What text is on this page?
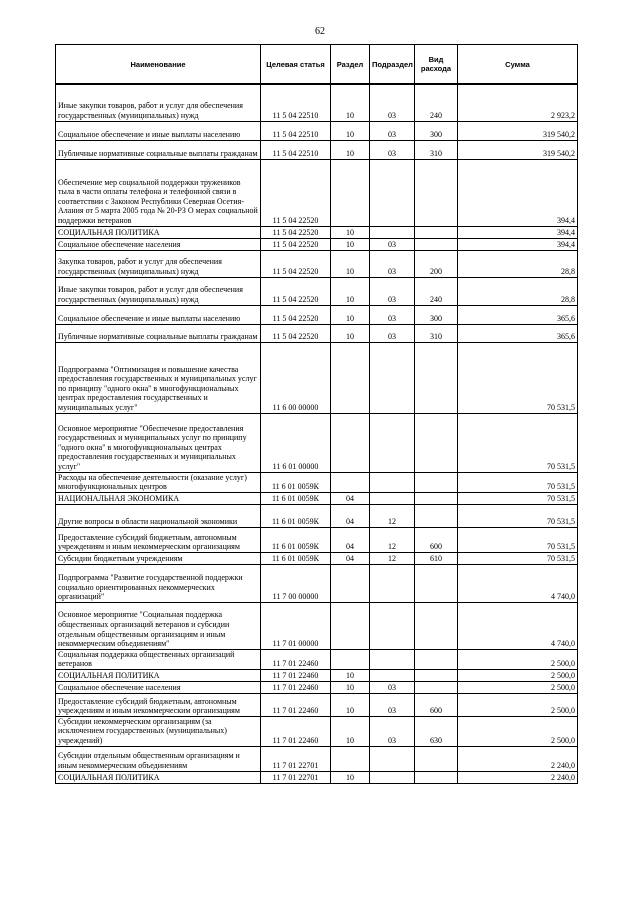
62
Наименование	Целевая статья	Раздел	Подраздел	Вид расхода	Сумма
Иные закупки товаров, работ и услуг для обеспечения государственных (муниципальных) нужд	11 5 04 22510	10	03	240	2 923,2
Социальное обеспечение и иные выплаты населению	11 5 04 22510	10	03	300	319 540,2
Публичные нормативные социальные выплаты гражданам	11 5 04 22510	10	03	310	319 540,2
Обеспечение мер социальной поддержки тружеников тыла в части оплаты телефона и телефонной связи в соответствии с Законом Республики Северная Осетия-Алания от 5 марта 2005 года № 20-РЗ О мерах социальной поддержки ветеранов	11 5 04 22520				394,4
СОЦИАЛЬНАЯ ПОЛИТИКА	11 5 04 22520	10			394,4
Социальное обеспечение населения	11 5 04 22520	10	03		394,4
Закупка товаров, работ и услуг для обеспечения государственных (муниципальных) нужд	11 5 04 22520	10	03	200	28,8
Иные закупки товаров, работ и услуг для обеспечения государственных (муниципальных) нужд	11 5 04 22520	10	03	240	28,8
Социальное обеспечение и иные выплаты населению	11 5 04 22520	10	03	300	365,6
Публичные нормативные социальные выплаты гражданам	11 5 04 22520	10	03	310	365,6
Подпрограмма "Оптимизация и повышение качества предоставления государственных и муниципальных услуг по принципу "одного окна" в многофункциональных центрах предоставления государственных и муниципальных услуг"	11 6 00 00000				70 531,5
Основное мероприятие "Обеспечение предоставления государственных и муниципальных услуг по принципу "одного окна" в многофункциональных центрах предоставления государственных и муниципальных услуг"	11 6 01 00000				70 531,5
Расходы на обеспечение деятельности (оказание услуг) многофункциональных центров	11 6 01 0059К				70 531,5
НАЦИОНАЛЬНАЯ ЭКОНОМИКА	11 6 01 0059К	04			70 531,5
Другие вопросы в области национальной экономики	11 6 01 0059К	04	12		70 531,5
Предоставление субсидий бюджетным, автономным учреждениям и иным некоммерческим организациям	11 6 01 0059К	04	12	600	70 531,5
Субсидии бюджетным учреждениям	11 6 01 0059К	04	12	610	70 531,5
Подпрограмма "Развитие государственной поддержки социально ориентированных некоммерческих организаций"	11 7 00 00000				4 740,0
Основное мероприятие "Социальная поддержка общественных организаций ветеранов и субсидии отдельным общественным организациям и иным некоммерческим объединениям"	11 7 01 00000				4 740,0
Социальная поддержка общественных организаций ветеранов	11 7 01 22460				2 500,0
СОЦИАЛЬНАЯ ПОЛИТИКА	11 7 01 22460	10			2 500,0
Социальное обеспечение населения	11 7 01 22460	10	03		2 500,0
Предоставление субсидий бюджетным, автономным учреждениям и иным некоммерческим организациям	11 7 01 22460	10	03	600	2 500,0
Субсидии некоммерческим организациям (за исключением государственных (муниципальных) учреждений)	11 7 01 22460	10	03	630	2 500,0
Субсидии отдельным общественным организациям и иным некоммерческим объединениям	11 7 01 22701				2 240,0
СОЦИАЛЬНАЯ ПОЛИТИКА	11 7 01 22701	10			2 240,0
